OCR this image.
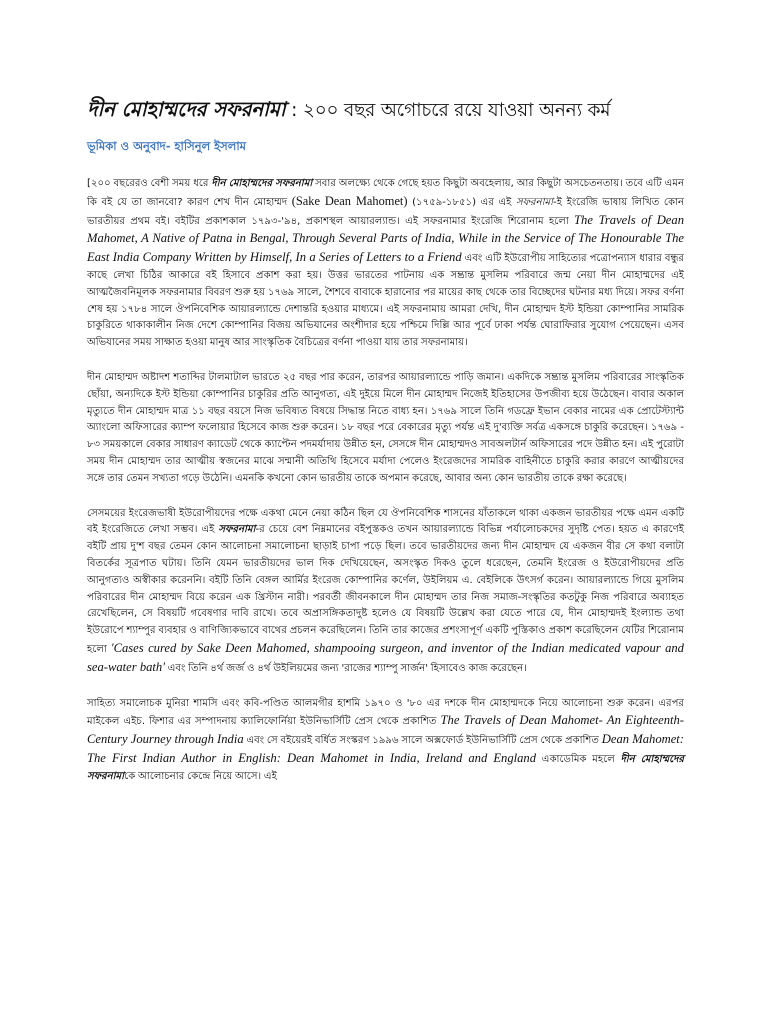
দীন মোহাম্মদের সফরনামা : ২০০ বছর অগোচরে রয়ে যাওয়া অনন্য কর্ম

ভূমিকা ও অনুবাদ- হাসিনুল ইসলাম

[২০০ বছরেরও বেশী সময় ধরে দীন মোহাম্মদের সফরনামা সবার অলক্ষ্যে থেকে গেছে হয়ত কিছুটা অবহেলায়, আর কিছুটা অসচেতনতায়। তবে এটি এমন কি বই যে তা জানবো? কারণ শেখ দীন মোহাম্মদ (Sake Dean Mahomet) (১৭৫৯-১৮৫১) এর এই সফরনামা-ই ইংরেজি ভাষায় লিখিত কোন ভারতীয়র প্রথম বই। বইটির প্রকাশকাল ১৭৯৩-'৯৪, প্রকাশস্থল আয়ারল্যান্ড। এই সফরনামার ইংরেজি শিরোনাম হলো The Travels of Dean Mahomet, A Native of Patna in Bengal, Through Several Parts of India, While in the Service of The Honourable The East India Company Written by Himself, In a Series of Letters to a Friend এবং এটি ইউরোপীয় সাহিত্যের পত্রোপন্যাস ধারার বন্ধুর কাছে লেখা চিঠির আকারে বই হিসাবে প্রকাশ করা হয়। উত্তর ভারতের পাটনায় এক সম্ভ্রান্ত মুসলিম পরিবারে জন্ম নেয়া দীন মোহাম্মদের এই আত্মজৈবনিমূলক সফরনামার বিবরণ শুরু হয় ১৭৬৯ সালে, শৈশবে বাবাকে হারানোর পর মায়ের কাছ থেকে তার বিচ্ছেদের ঘটনার মধ্য দিয়ে। সফর বর্ণনা শেষ হয় ১৭৮৪ সালে ঔপনিবেশিক আয়ারল্যান্ডে দেশান্তরি হওয়ার মাধ্যমে। এই সফরনামায় আমরা দেখি, দীন মোহাম্মদ ইস্ট ইন্ডিয়া কোম্পানির সামরিক চাকুরিতে থাকাকালীন নিজ দেশে কোম্পানির বিজয় অভিযানের অংশীদার হয়ে পশ্চিমে দিল্লি আর পূর্বে ঢাকা পর্যন্ত ঘোরাফিরার সুযোগ পেয়েছেন। এসব অভিযানের সময় সাক্ষাত হওয়া মানুষ আর সাংস্কৃতিক বৈচিত্রের বর্ণনা পাওয়া যায় তার সফরনামায়।

দীন মোহাম্মদ অষ্টাদশ শতাব্দির টালমাটাল ভারতে ২৫ বছর পার করেন, তারপর আয়ারল্যান্ডে পাড়ি জমান। একদিকে সম্ভ্রান্ত মুসলিম পরিবারের সাংস্কৃতিক ছোঁয়া, অন্যদিকে ইস্ট ইন্ডিয়া কোম্পানির চাকুরির প্রতি আনুগত্য, এই দুইয়ে মিলে দীন মোহাম্মদ নিজেই ইতিহাসের উপজীব্য হয়ে উঠেছেন। বাবার অকাল মৃত্যুতে দীন মোহাম্মদ মাত্র ১১ বছর বয়সে নিজ ভবিষ্যত বিষয়ে সিদ্ধান্ত নিতে বাধ্য হন। ১৭৬৯ সালে তিনি গডফ্রে ইভান বেকার নামের এক প্রোটেস্ট্যান্ট অ্যাংলো অফিসারের ক্যাম্প ফলোয়ার হিসেবে কাজ শুরু করেন। ১৮ বছর পরে বেকারের মৃত্যু পর্যন্ত এই দু'ব্যক্তি সর্বত্র একসঙ্গে চাকুরি করেছেন। ১৭৬৯ - ৮৩ সময়কালে বেকার সাধারণ ক্যাডেট থেকে ক্যাপ্টেন পদমর্যাদায় উন্নীত হন, সেসঙ্গে দীন মোহাম্মদও সাবঅলটার্ন অফিসারের পদে উন্নীত হন। এই পুরোটা সময় দীন মোহাম্মদ তার আত্মীয় স্বজনের মাঝে সম্মানী অতিথি হিসেবে মর্যাদা পেলেও ইংরেজদের সামরিক বাহিনীতে চাকুরি করার কারণে আত্মীয়দের সঙ্গে তার তেমন সখ্যতা গড়ে উঠেনি। এমনকি কখনো কোন ভারতীয় তাকে অপমান করেছে, আবার অন্য কোন ভারতীয় তাকে রক্ষা করেছে।

সেসময়ের ইংরেজভাষী ইউরোপীয়দের পক্ষে একথা মেনে নেয়া কঠিন ছিল যে ঔপনিবেশিক শাসনের যাঁতাকলে থাকা একজন ভারতীয়র পক্ষে এমন একটি বই ইংরেজিতে লেখা সম্ভব। এই সফরনামা-র চেয়ে বেশ নিম্নমানের বইপুস্তকও তখন আয়ারল্যান্ডে বিভিন্ন পর্যালোচকদের সুদৃষ্টি পেত। হয়ত এ কারণেই বইটি প্রায় দু'শ বছর তেমন কোন আলোচনা সমালোচনা ছাড়াই চাপা পড়ে ছিল। তবে ভারতীয়দের জন্য দীন মোহাম্মদ যে একজন বীর সে কথা বলাটা বিতর্কের সূত্রপাত ঘটায়। তিনি যেমন ভারতীয়দের ভাল দিক দেখিয়েছেন, অসংস্কৃত দিকও তুলে ধরেছেন, তেমনি ইংরেজ ও ইউরোপীয়দের প্রতি আনুগত্যও অস্বীকার করেননি। বইটি তিনি বেঙ্গল আর্মির ইংরেজ কোম্পানির কর্ণেল, উইলিয়ম এ. বেইলিকে উৎসর্গ করেন। আয়ারল্যান্ডে গিয়ে মুসলিম পরিবারের দীন মোহাম্মদ বিয়ে করেন এক খ্রিস্টান নারী। পরবর্তী জীবনকালে দীন মোহাম্মদ তার নিজ সমাজ-সংস্কৃতির কতটুকু নিজ পরিবারে অব্যাহত রেখেছিলেন, সে বিষয়টি গবেষণার দাবি রাখে। তবে অপ্রাসঙ্গিকতাদুষ্ট হলেও যে বিষয়টি উল্লেখ করা যেতে পারে যে, দীন মোহাম্মদই ইংল্যান্ড তথা ইউরোপে শ্যাম্পুর ব্যবহার ও বাণিজ্যিকভাবে বাথের প্রচলন করেছিলেন। তিনি তার কাজের প্রশংসাপূর্ণ একটি পুস্তিকাও প্রকাশ করেছিলেন যেটির শিরোনাম হলো 'Cases cured by Sake Deen Mahomed, shampooing surgeon, and inventor of the Indian medicated vapour and sea-water bath' এবং তিনি ৪র্থ জর্জ ও ৪র্থ উইলিয়মের জন্য 'রাজের শ্যাম্পু সার্জন' হিসাবেও কাজ করেছেন।

সাহিত্য সমালোচক মুনিরা শামসি এবং কবি-পণ্ডিত আলমগীর হাশমি ১৯৭০ ও '৮০ এর দশকে দীন মোহাম্মদকে নিয়ে আলোচনা শুরু করেন। এরপর মাইকেল এইচ. ফিশার এর সম্পাদনায় ক্যালিফোর্নিয়া ইউনিভার্সিটি প্রেস থেকে প্রকাশিত The Travels of Dean Mahomet- An Eighteenth-Century Journey through India এবং সে বইয়েরই বর্ধিত সংস্করণ ১৯৯৬ সালে অক্সফোর্ড ইউনিভার্সিটি প্রেস থেকে প্রকাশিত Dean Mahomet: The First Indian Author in English: Dean Mahomet in India, Ireland and England একাডেমিক মহলে দীন মোহাম্মদের সফরনামাকে আলোচনার কেন্দ্রে নিয়ে আসে। এই
